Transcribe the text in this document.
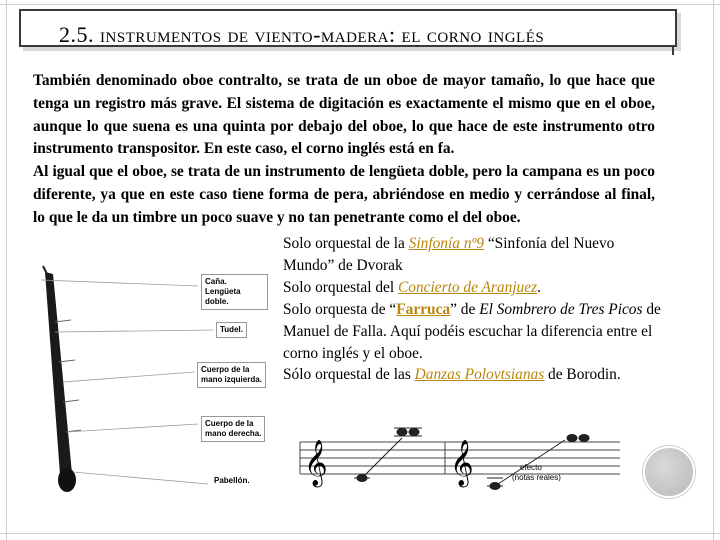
2.5. instrumentos de viento-madera: el corno inglés

También denominado oboe contralto, se trata de un oboe de mayor tamaño, lo que hace que tenga un registro más grave. El sistema de digitación es exactamente el mismo que en el oboe, aunque lo que suena es una quinta por debajo del oboe, lo que hace de este instrumento otro instrumento transpositor. En este caso, el corno inglés está en fa.

Al igual que el oboe, se trata de un instrumento de lengüeta doble, pero la campana es un poco diferente, ya que en este caso tiene forma de pera, abriéndose en medio y cerrándose al final, lo que le da un timbre un poco suave y no tan penetrante como el del oboe.

Caña.
Lengüeta doble.
Tudel.
Cuerpo de la
mano izquierda.
Cuerpo de la
mano derecha.
Pabellón.
Solo orquestal de la Sinfonía nº9 “Sinfonía del Nuevo Mundo” de Dvorak
Solo orquestal del Concierto de Aranjuez.
Solo orquesta de “Farruca” de El Sombrero de Tres Picos de Manuel de Falla. Aquí podéis escuchar la diferencia entre el corno inglés y el oboe.
Sólo orquestal de las Danzas Polovtsianas de Borodin.
𝄞	𝄞	efecto
(notas reales)
